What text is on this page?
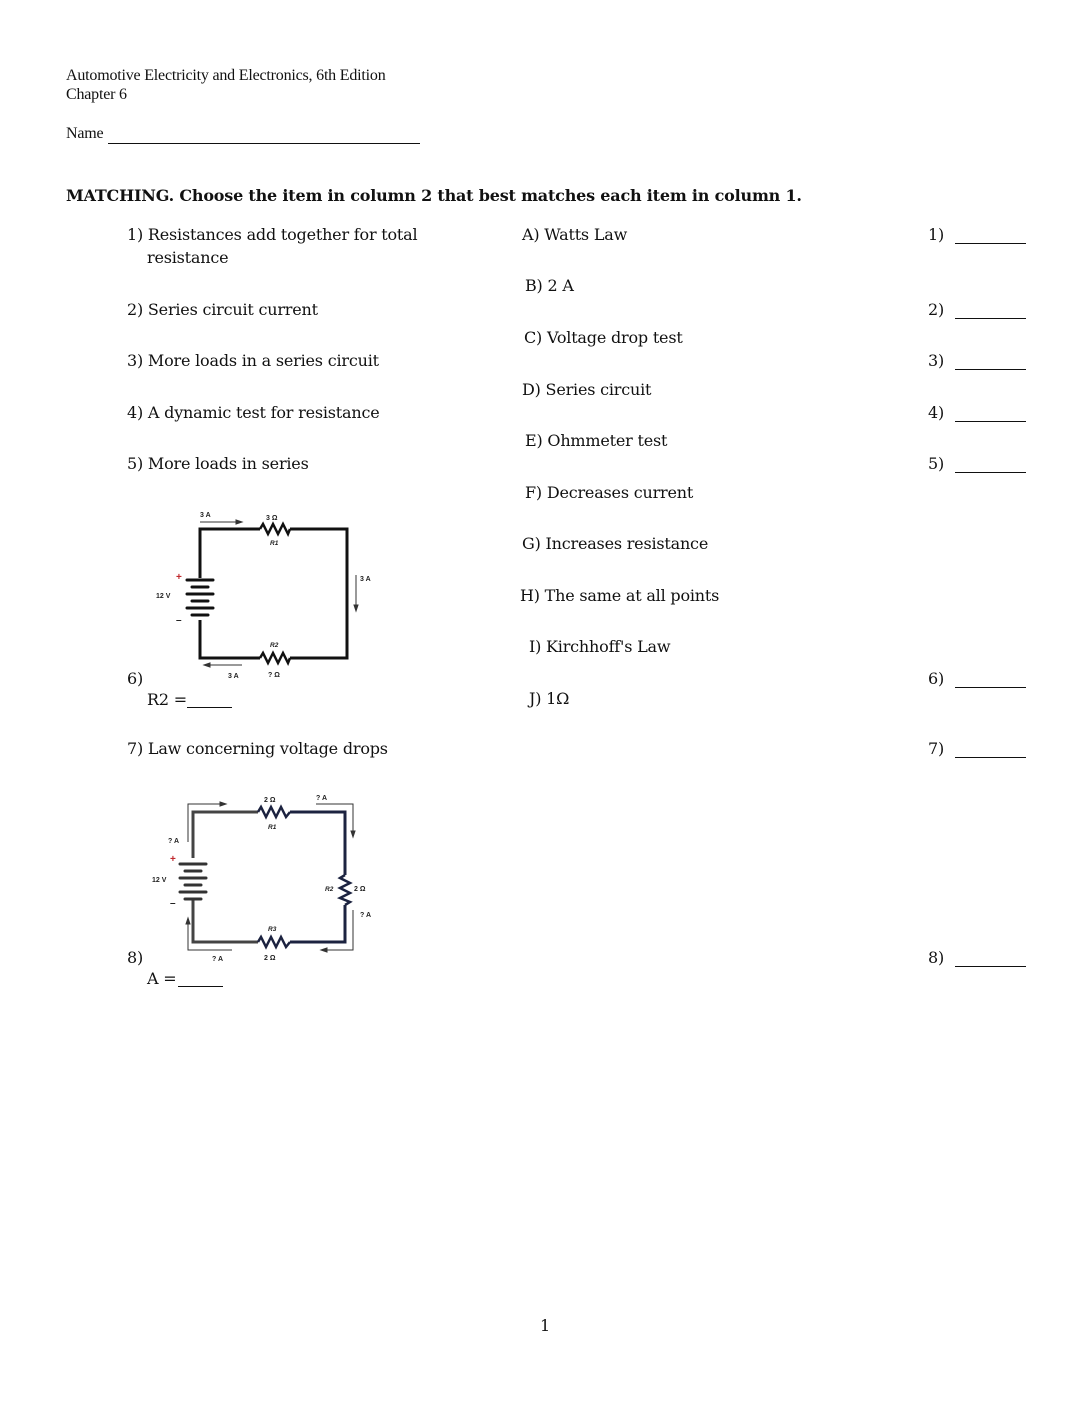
Automotive Electricity and Electronics, 6th Edition
Chapter 6
Name
MATCHING. Choose the item in column 2 that best matches each item in column 1.
1) Resistances add together for total
resistance
2) Series circuit current
3) More loads in a series circuit
4) A dynamic test for resistance
5) More loads in series
6)
R2 =
7) Law concerning voltage drops
8)
A =
A) Watts Law
B) 2 A
C) Voltage drop test
D) Series circuit
E) Ohmmeter test
F) Decreases current
G) Increases resistance
H) The same at all points
I) Kirchhoff's Law
J) 1Ω
1)
2)
3)
4)
5)
6)
7)
8)
3 A	3 Ω
R1
3 A
12 V
+
–
R2
? Ω
3 A
2 Ω	? A
R1
? A
+
12 V
–
R2	2 Ω
? A
R3
2 Ω
? A
1
